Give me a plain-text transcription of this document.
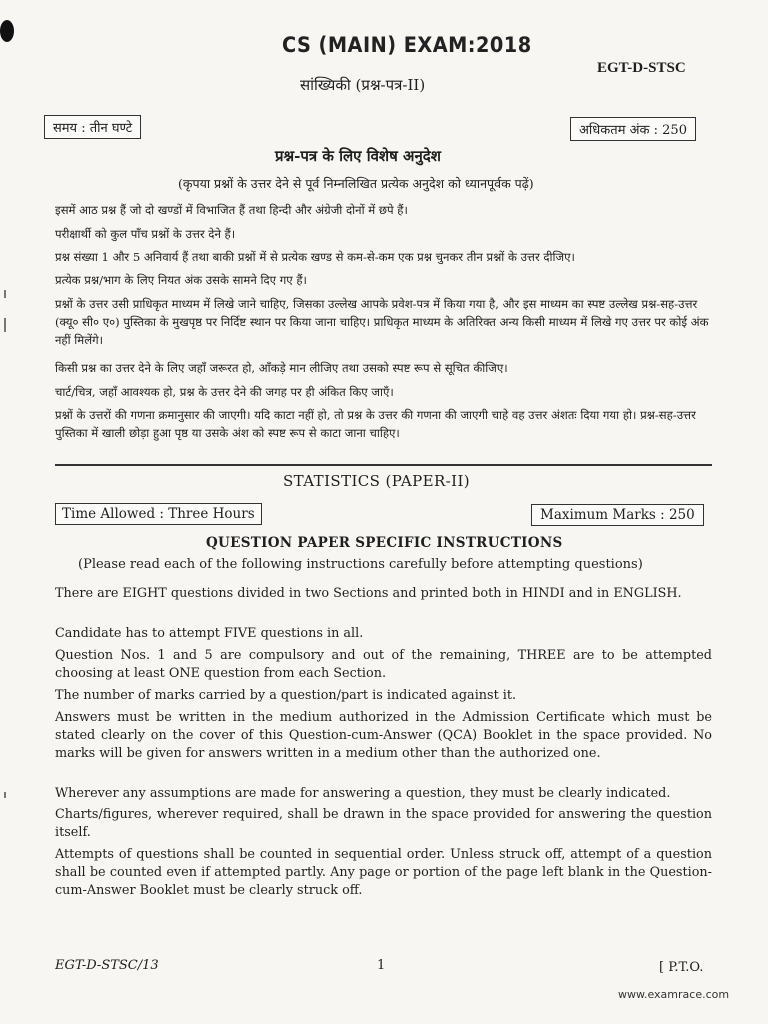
CS (MAIN) EXAM:2018
EGT-D-STSC
सांख्यिकी (प्रश्न-पत्र-II)
समय : तीन घण्टे	अधिकतम अंक : 250
प्रश्न-पत्र के लिए विशेष अनुदेश
(कृपया प्रश्नों के उत्तर देने से पूर्व निम्नलिखित प्रत्येक अनुदेश को ध्यानपूर्वक पढ़ें)
इसमें आठ प्रश्न हैं जो दो खण्डों में विभाजित हैं तथा हिन्दी और अंग्रेजी दोनों में छपे हैं।
परीक्षार्थी को कुल पाँच प्रश्नों के उत्तर देने हैं।
प्रश्न संख्या 1 और 5 अनिवार्य हैं तथा बाकी प्रश्नों में से प्रत्येक खण्ड से कम-से-कम एक प्रश्न चुनकर तीन प्रश्नों के उत्तर दीजिए।
प्रत्येक प्रश्न/भाग के लिए नियत अंक उसके सामने दिए गए हैं।
प्रश्नों के उत्तर उसी प्राधिकृत माध्यम में लिखे जाने चाहिए, जिसका उल्लेख आपके प्रवेश-पत्र में किया गया है, और इस माध्यम का स्पष्ट उल्लेख प्रश्न-सह-उत्तर (क्यू० सी० ए०) पुस्तिका के मुखपृष्ठ पर निर्दिष्ट स्थान पर किया जाना चाहिए। प्राधिकृत माध्यम के अतिरिक्त अन्य किसी माध्यम में लिखे गए उत्तर पर कोई अंक नहीं मिलेंगे।
किसी प्रश्न का उत्तर देने के लिए जहाँ जरूरत हो, आँकड़े मान लीजिए तथा उसको स्पष्ट रूप से सूचित कीजिए।
चार्ट/चित्र, जहाँ आवश्यक हो, प्रश्न के उत्तर देने की जगह पर ही अंकित किए जाएँ।
प्रश्नों के उत्तरों की गणना क्रमानुसार की जाएगी। यदि काटा नहीं हो, तो प्रश्न के उत्तर की गणना की जाएगी चाहे वह उत्तर अंशतः दिया गया हो। प्रश्न-सह-उत्तर पुस्तिका में खाली छोड़ा हुआ पृष्ठ या उसके अंश को स्पष्ट रूप से काटा जाना चाहिए।
STATISTICS (PAPER-II)
Time Allowed : Three Hours	Maximum Marks : 250
QUESTION PAPER SPECIFIC INSTRUCTIONS
(Please read each of the following instructions carefully before attempting questions)
There are EIGHT questions divided in two Sections and printed both in HINDI and in ENGLISH.
Candidate has to attempt FIVE questions in all.
Question Nos. 1 and 5 are compulsory and out of the remaining, THREE are to be attempted choosing at least ONE question from each Section.
The number of marks carried by a question/part is indicated against it.
Answers must be written in the medium authorized in the Admission Certificate which must be stated clearly on the cover of this Question-cum-Answer (QCA) Booklet in the space provided. No marks will be given for answers written in a medium other than the authorized one.
Wherever any assumptions are made for answering a question, they must be clearly indicated.
Charts/figures, wherever required, shall be drawn in the space provided for answering the question itself.
Attempts of questions shall be counted in sequential order. Unless struck off, attempt of a question shall be counted even if attempted partly. Any page or portion of the page left blank in the Question-cum-Answer Booklet must be clearly struck off.
EGT-D-STSC/13	1	[ P.T.O.
www.examrace.com
